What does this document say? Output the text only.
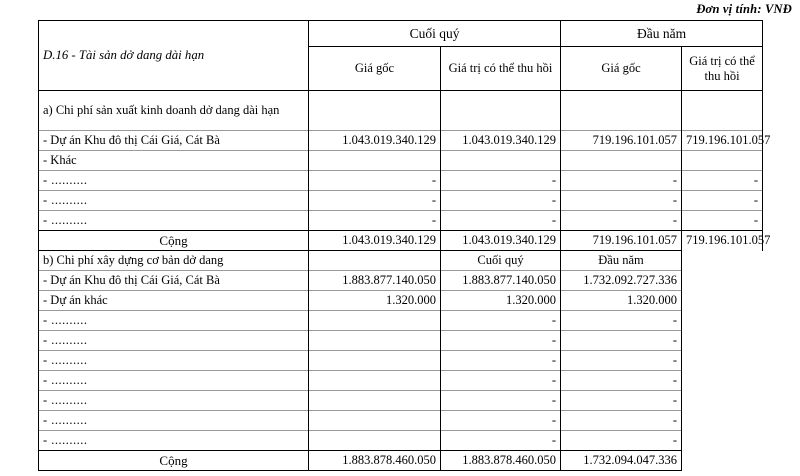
Đơn vị tính: VNĐ
D.16 - Tài sản dở dang dài hạn	Cuối quý		Đầu năm	
	Giá gốc	Giá trị có thể thu hồi	Giá gốc	Giá trị có thể thu hồi
a) Chi phí sản xuất kinh doanh dở dang dài hạn				
- Dự án Khu đô thị Cái Giá, Cát Bà	1.043.019.340.129	1.043.019.340.129	719.196.101.057	719.196.101.057
- Khác				
- ..........	-	-	-	-
- ..........	-	-	-	-
- ..........	-	-	-	-
Cộng	1.043.019.340.129	1.043.019.340.129	719.196.101.057	719.196.101.057
b) Chi phí xây dựng cơ bản dở dang		Cuối quý	Đầu năm	
- Dự án Khu đô thị Cái Giá, Cát Bà	1.883.877.140.050	1.883.877.140.050	1.732.092.727.336	
- Dự án khác	1.320.000	1.320.000	1.320.000	
- ..........		-	-	
- ..........		-	-	
- ..........		-	-	
- ..........		-	-	
- ..........		-	-	
- ..........		-	-	
- ..........		-	-	
Cộng	1.883.878.460.050	1.883.878.460.050	1.732.094.047.336	
